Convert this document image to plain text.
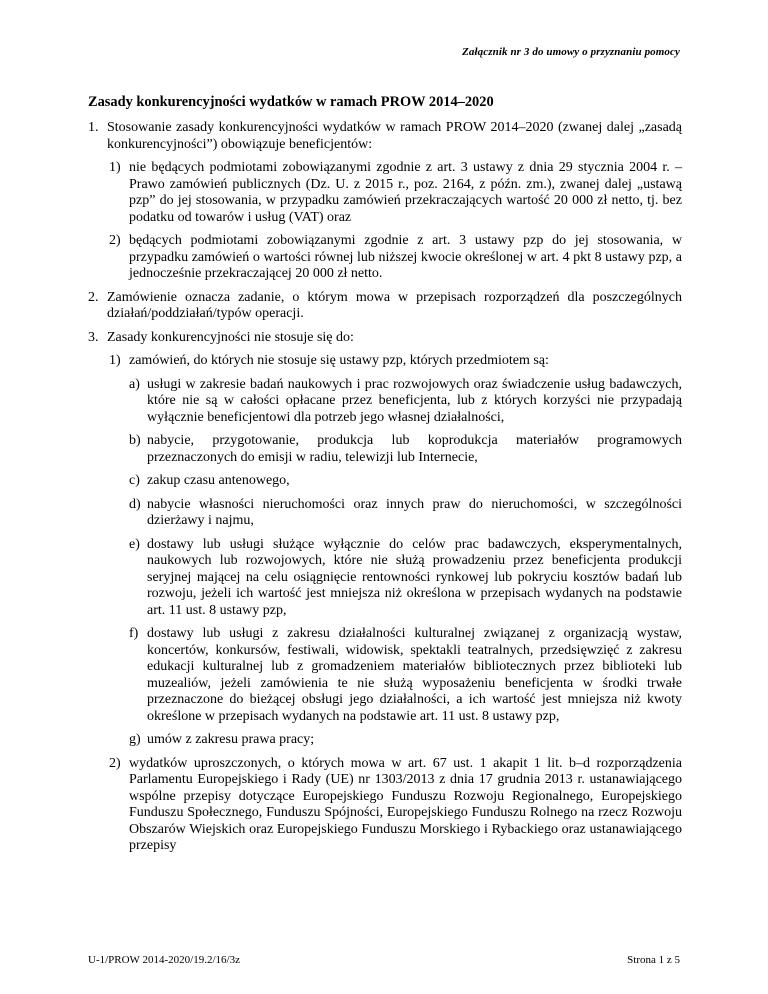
Załącznik nr 3 do umowy o przyznaniu pomocy
Zasady konkurencyjności wydatków w ramach PROW 2014–2020
1. Stosowanie zasady konkurencyjności wydatków w ramach PROW 2014–2020 (zwanej dalej „zasadą konkurencyjności”) obowiązuje beneficjentów:
1) nie będących podmiotami zobowiązanymi zgodnie z art. 3 ustawy z dnia 29 stycznia 2004 r. – Prawo zamówień publicznych (Dz. U. z 2015 r., poz. 2164, z późn. zm.), zwanej dalej „ustawą pzp” do jej stosowania, w przypadku zamówień przekraczających wartość 20 000 zł netto, tj. bez podatku od towarów i usług (VAT) oraz
2) będących podmiotami zobowiązanymi zgodnie z art. 3 ustawy pzp do jej stosowania, w przypadku zamówień o wartości równej lub niższej kwocie określonej w art. 4 pkt 8 ustawy pzp, a jednocześnie przekraczającej 20 000 zł netto.
2. Zamówienie oznacza zadanie, o którym mowa w przepisach rozporządzeń dla poszczególnych działań/poddziałań/typów operacji.
3. Zasady konkurencyjności nie stosuje się do:
1) zamówień, do których nie stosuje się ustawy pzp, których przedmiotem są:
a) usługi w zakresie badań naukowych i prac rozwojowych oraz świadczenie usług badawczych, które nie są w całości opłacane przez beneficjenta, lub z których korzyści nie przypadają wyłącznie beneficjentowi dla potrzeb jego własnej działalności,
b) nabycie, przygotowanie, produkcja lub koprodukcja materiałów programowych przeznaczonych do emisji w radiu, telewizji lub Internecie,
c) zakup czasu antenowego,
d) nabycie własności nieruchomości oraz innych praw do nieruchomości, w szczególności dzierżawy i najmu,
e) dostawy lub usługi służące wyłącznie do celów prac badawczych, eksperymentalnych, naukowych lub rozwojowych, które nie służą prowadzeniu przez beneficjenta produkcji seryjnej mającej na celu osiągnięcie rentowności rynkowej lub pokryciu kosztów badań lub rozwoju, jeżeli ich wartość jest mniejsza niż określona w przepisach wydanych na podstawie art. 11 ust. 8 ustawy pzp,
f) dostawy lub usługi z zakresu działalności kulturalnej związanej z organizacją wystaw, koncertów, konkursów, festiwali, widowisk, spektakli teatralnych, przedsięwzięć z zakresu edukacji kulturalnej lub z gromadzeniem materiałów bibliotecznych przez biblioteki lub muzealiów, jeżeli zamówienia te nie służą wyposażeniu beneficjenta w środki trwałe przeznaczone do bieżącej obsługi jego działalności, a ich wartość jest mniejsza niż kwoty określone w przepisach wydanych na podstawie art. 11 ust. 8 ustawy pzp,
g) umów z zakresu prawa pracy;
2) wydatków uproszczonych, o których mowa w art. 67 ust. 1 akapit 1 lit. b–d rozporządzenia Parlamentu Europejskiego i Rady (UE) nr 1303/2013 z dnia 17 grudnia 2013 r. ustanawiającego wspólne przepisy dotyczące Europejskiego Funduszu Rozwoju Regionalnego, Europejskiego Funduszu Społecznego, Funduszu Spójności, Europejskiego Funduszu Rolnego na rzecz Rozwoju Obszarów Wiejskich oraz Europejskiego Funduszu Morskiego i Rybackiego oraz ustanawiającego przepisy
U-1/PROW 2014-2020/19.2/16/3z	Strona 1 z 5
